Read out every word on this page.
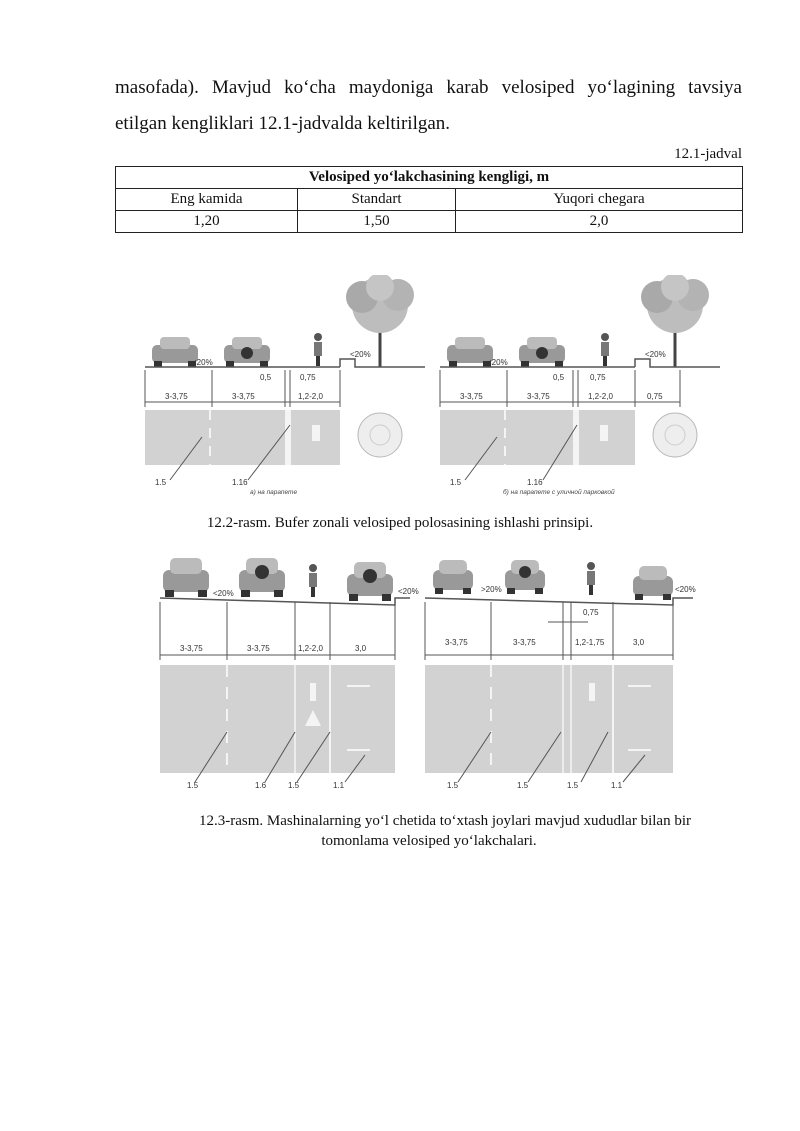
masofada). Mavjud ko‘cha maydoniga karab velosiped yo‘lagining tavsiya
etilgan kengliklari 12.1-jadvalda keltirilgan.

12.1-jadval
Velosiped yo‘lakchasining kengligi, m		
Eng kamida	Standart	Yuqori chegara
1,20	1,50	2,0
<20%
<20%
3-3,75	3-3,75
0,5	0,75
1,2-2,0
1.5	1.16
а) на парапете
<20%
<20%
3-3,75	3-3,75
0,5	0,75
1,2-2,0	0,75
1.5	1.16
б) на парапете с уличной парковкой
12.2-rasm. Bufer zonali velosiped polosasining ishlashi prinsipi.
<20%	<20%
3-3,75	3-3,75	1,2-2,0	3,0
1.5	1.6	1.5	1.1
>20%	<20%
0,75
3-3,75	3-3,75	1,2-1,75	3,0
1.5	1.5	1.5	1.1
12.3-rasm. Mashinalarning yo‘l chetida to‘xtash joylari mavjud xududlar bilan bir
tomonlama velosiped yo‘lakchalari.
